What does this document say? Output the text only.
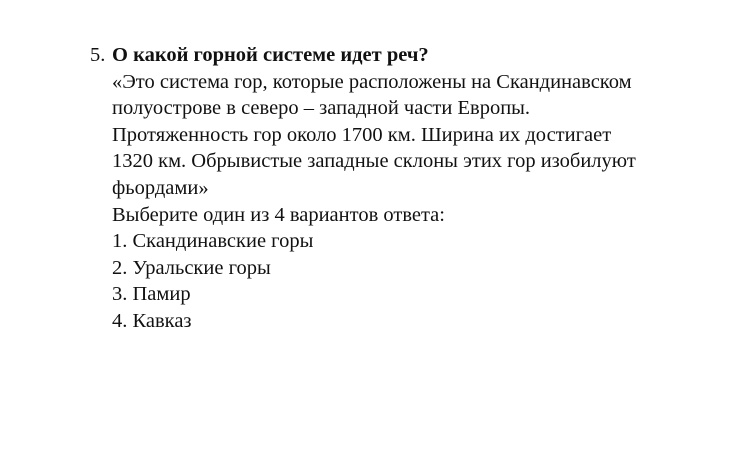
5. О какой горной системе идет реч?
«Это система гор, которые расположены на Скандинавском
полуострове в северо – западной части Европы.
Протяженность гор около 1700 км. Ширина их достигает
1320 км. Обрывистые западные склоны этих гор изобилуют
фьордами»
Выберите один из 4 вариантов ответа:
1. Скандинавские горы
2. Уральские горы
3. Памир
4. Кавказ
